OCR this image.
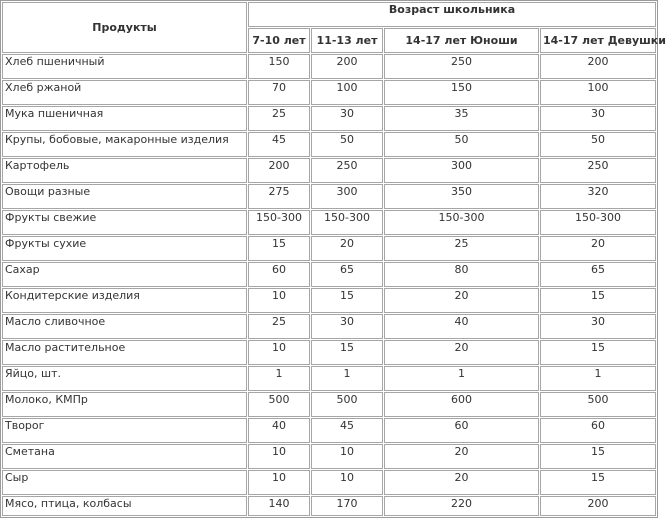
Продукты	Возраст школьника			
	7-10 лет	11-13 лет	14-17 лет Юноши	14-17 лет Девушки
Хлеб пшеничный	150	200	250	200
Хлеб ржаной	70	100	150	100
Мука пшеничная	25	30	35	30
Крупы, бобовые, макаронные изделия	45	50	50	50
Картофель	200	250	300	250
Овощи разные	275	300	350	320
Фрукты свежие	150-300	150-300	150-300	150-300
Фрукты сухие	15	20	25	20
Сахар	60	65	80	65
Кондитерские изделия	10	15	20	15
Масло сливочное	25	30	40	30
Масло растительное	10	15	20	15
Яйцо, шт.	1	1	1	1
Молоко, КМПр	500	500	600	500
Творог	40	45	60	60
Сметана	10	10	20	15
Сыр	10	10	20	15
Мясо, птица, колбасы	140	170	220	200
